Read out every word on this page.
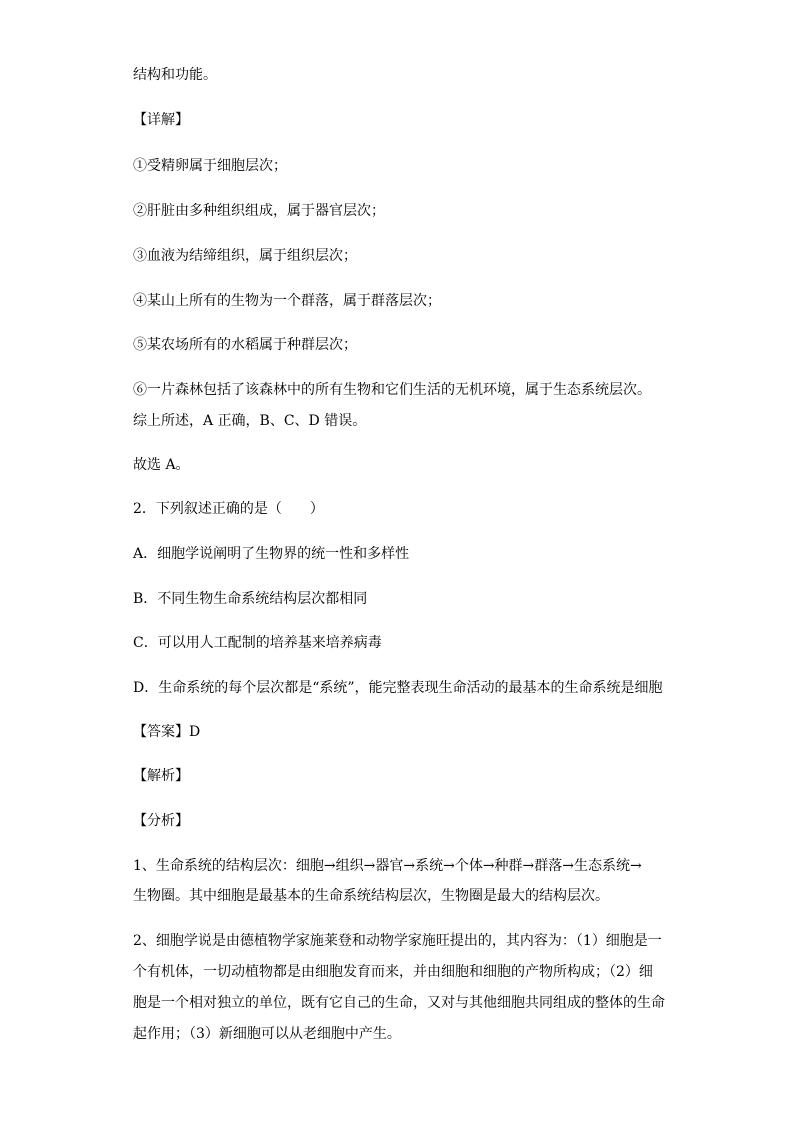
结构和功能。

【详解】

①受精卵属于细胞层次；

②肝脏由多种组织组成，属于器官层次；

③血液为结缔组织，属于组织层次；

④某山上所有的生物为一个群落，属于群落层次；

⑤某农场所有的水稻属于种群层次；

⑥一片森林包括了该森林中的所有生物和它们生活的无机环境，属于生态系统层次。

综上所述，A 正确，B、C、D 错误。

故选 A。

2．下列叙述正确的是（　　）

A．细胞学说阐明了生物界的统一性和多样性

B．不同生物生命系统结构层次都相同

C．可以用人工配制的培养基来培养病毒

D．生命系统的每个层次都是“系统”，能完整表现生命活动的最基本的生命系统是细胞

【答案】D

【解析】

【分析】

1、生命系统的结构层次：细胞→组织→器官→系统→个体→种群→群落→生态系统→

生物圈。其中细胞是最基本的生命系统结构层次，生物圈是最大的结构层次。

2、细胞学说是由德植物学家施莱登和动物学家施旺提出的，其内容为：（1）细胞是一

个有机体，一切动植物都是由细胞发育而来，并由细胞和细胞的产物所构成；（2）细

胞是一个相对独立的单位，既有它自己的生命，又对与其他细胞共同组成的整体的生命

起作用；（3）新细胞可以从老细胞中产生。
